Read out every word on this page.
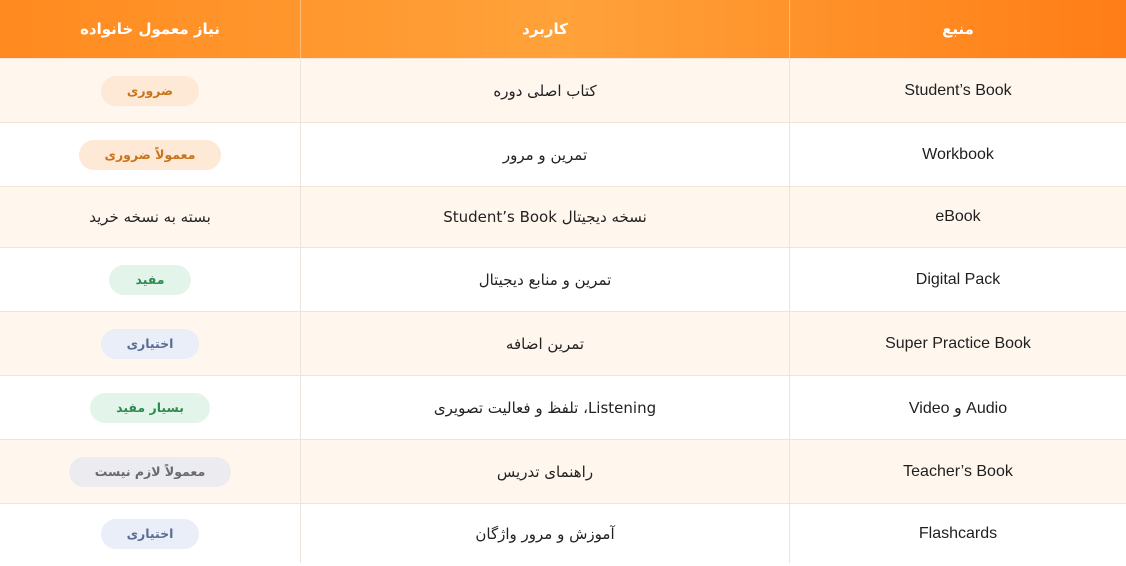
منبع
کاربرد
نیاز معمول خانواده
Student’s Book
کتاب اصلی دوره
ضروری
Workbook
تمرین و مرور
معمولاً ضروری
eBook
نسخه دیجیتال Student’s Book
بسته به نسخه خرید
Digital Pack
تمرین و منابع دیجیتال
مفید
Super Practice Book
تمرین اضافه
اختیاری
Audio و Video
Listening، تلفظ و فعالیت تصویری
بسیار مفید
Teacher’s Book
راهنمای تدریس
معمولاً لازم نیست
Flashcards
آموزش و مرور واژگان
اختیاری
